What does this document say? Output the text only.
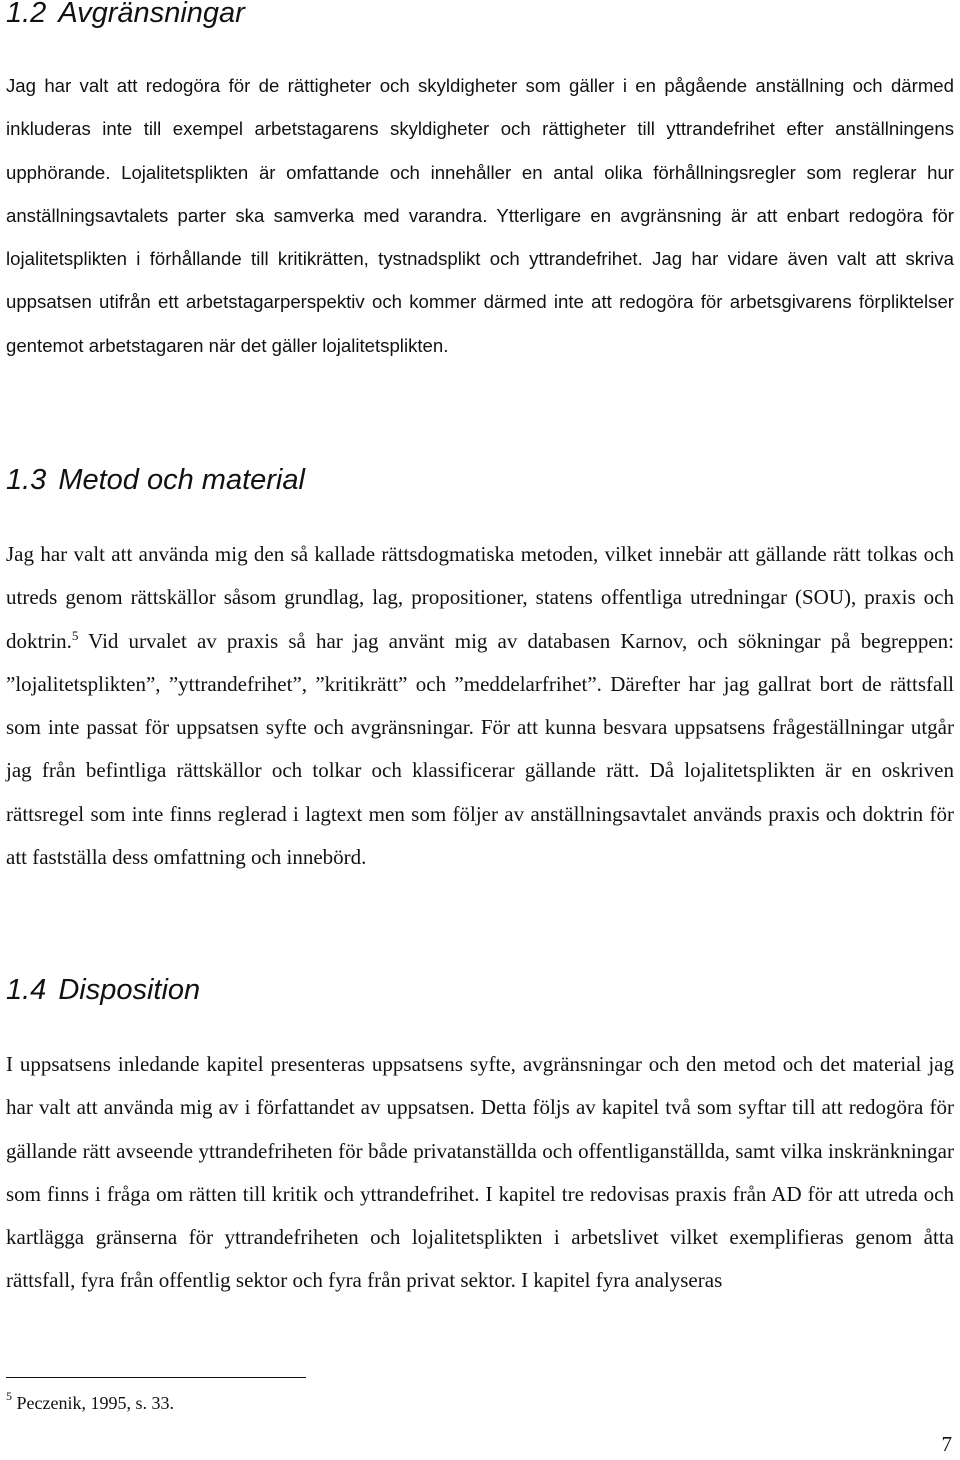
1.2 Avgränsningar

Jag har valt att redogöra för de rättigheter och skyldigheter som gäller i en pågående anställning och därmed inkluderas inte till exempel arbetstagarens skyldigheter och rättigheter till yttrandefrihet efter anställningens upphörande. Lojalitetsplikten är omfattande och innehåller en antal olika förhållningsregler som reglerar hur anställningsavtalets parter ska samverka med varandra. Ytterligare en avgränsning är att enbart redogöra för lojalitetsplikten i förhållande till kritikrätten, tystnadsplikt och yttrandefrihet. Jag har vidare även valt att skriva uppsatsen utifrån ett arbetstagarperspektiv och kommer därmed inte att redogöra för arbetsgivarens förpliktelser gentemot arbetstagaren när det gäller lojalitetsplikten.

1.3 Metod och material

Jag har valt att använda mig den så kallade rättsdogmatiska metoden, vilket innebär att gällande rätt tolkas och utreds genom rättskällor såsom grundlag, lag, propositioner, statens offentliga utredningar (SOU), praxis och doktrin.$^5$ Vid urvalet av praxis så har jag använt mig av databasen Karnov, och sökningar på begreppen: ”lojalitetsplikten”, ”yttrandefrihet”, ”kritikrätt” och ”meddelarfrihet”. Därefter har jag gallrat bort de rättsfall som inte passat för uppsatsen syfte och avgränsningar. För att kunna besvara uppsatsens frågeställningar utgår jag från befintliga rättskällor och tolkar och klassificerar gällande rätt. Då lojalitetsplikten är en oskriven rättsregel som inte finns reglerad i lagtext men som följer av anställningsavtalet används praxis och doktrin för att fastställa dess omfattning och innebörd.

1.4 Disposition

I uppsatsens inledande kapitel presenteras uppsatsens syfte, avgränsningar och den metod och det material jag har valt att använda mig av i författandet av uppsatsen. Detta följs av kapitel två som syftar till att redogöra för gällande rätt avseende yttrandefriheten för både privatanställda och offentliganställda, samt vilka inskränkningar som finns i fråga om rätten till kritik och yttrandefrihet. I kapitel tre redovisas praxis från AD för att utreda och kartlägga gränserna för yttrandefriheten och lojalitetsplikten i arbetslivet vilket exemplifieras genom åtta rättsfall, fyra från offentlig sektor och fyra från privat sektor. I kapitel fyra analyseras

$^5$ Peczenik, 1995, s. 33.

7
